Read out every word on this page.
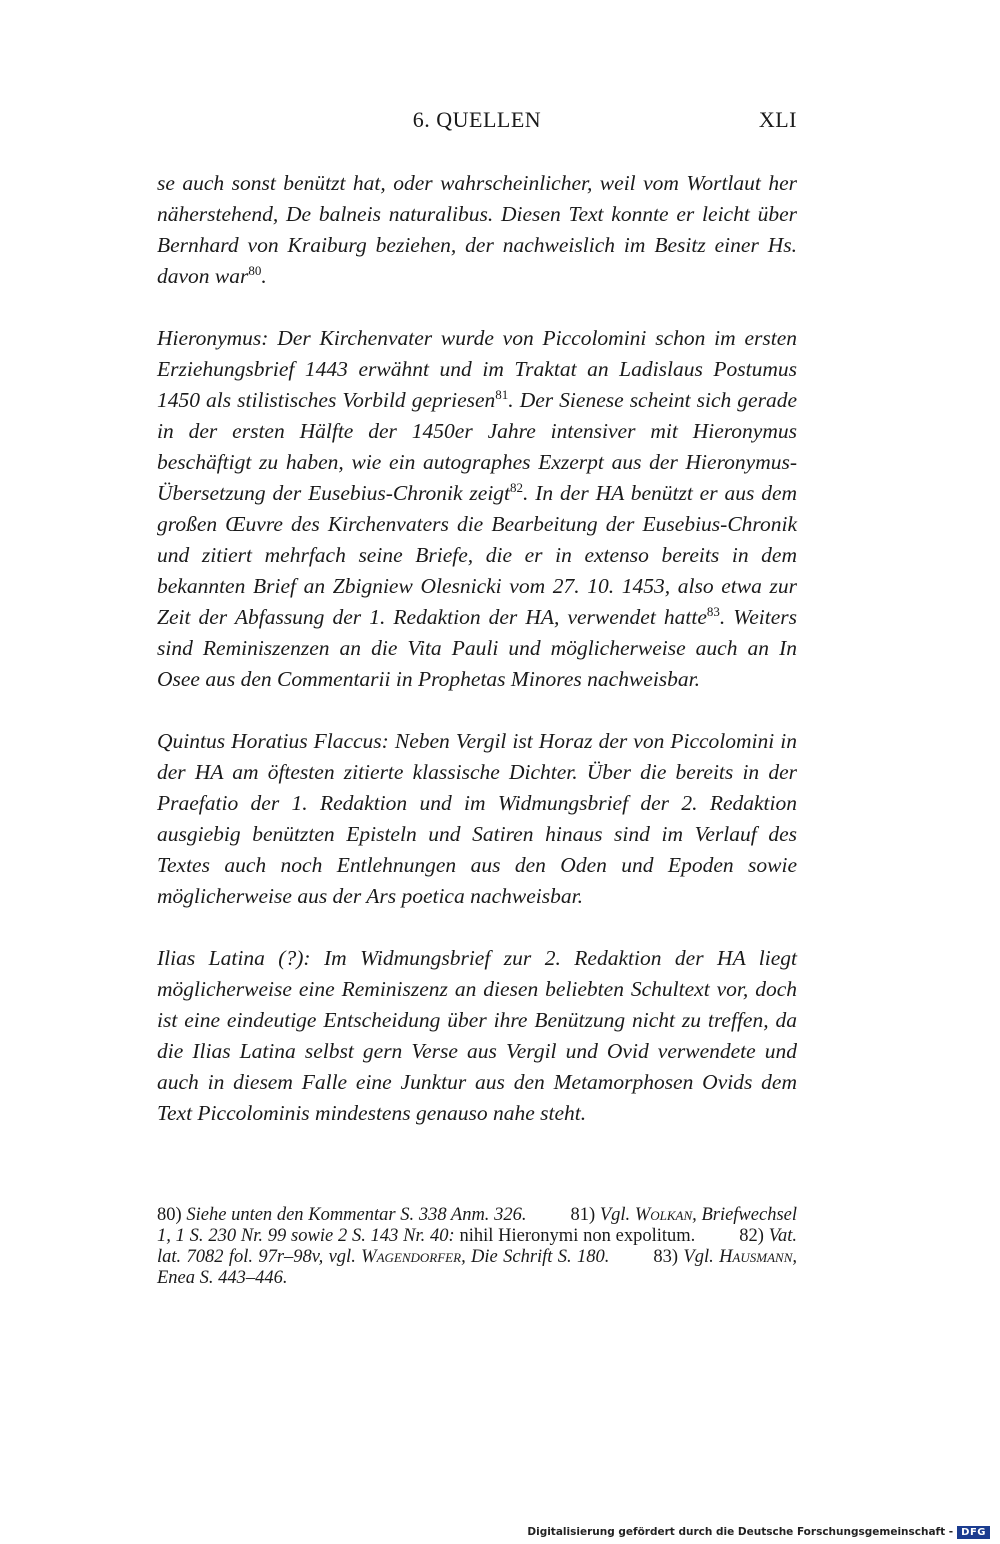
6. QUELLEN	XLI

se auch sonst benützt hat, oder wahrscheinlicher, weil vom Wortlaut her näherstehend, De balneis naturalibus. Diesen Text konnte er leicht über Bernhard von Kraiburg beziehen, der nachweislich im Besitz einer Hs. davon war$^{80}$.

Hieronymus: Der Kirchenvater wurde von Piccolomini schon im ersten Erziehungsbrief 1443 erwähnt und im Traktat an Ladislaus Postumus 1450 als stilistisches Vorbild gepriesen$^{81}$. Der Sienese scheint sich gerade in der ersten Hälfte der 1450er Jahre intensiver mit Hieronymus beschäftigt zu haben, wie ein autographes Exzerpt aus der Hieronymus-Übersetzung der Eusebius-Chronik zeigt$^{82}$. In der HA benützt er aus dem großen Œuvre des Kirchenvaters die Bearbeitung der Eusebius-Chronik und zitiert mehrfach seine Briefe, die er in extenso bereits in dem bekannten Brief an Zbigniew Olesnicki vom 27. 10. 1453, also etwa zur Zeit der Abfassung der 1. Redaktion der HA, verwendet hatte$^{83}$. Weiters sind Reminiszenzen an die Vita Pauli und möglicherweise auch an In Osee aus den Commentarii in Prophetas Minores nachweisbar.

Quintus Horatius Flaccus: Neben Vergil ist Horaz der von Piccolomini in der HA am öftesten zitierte klassische Dichter. Über die bereits in der Praefatio der 1. Redaktion und im Widmungsbrief der 2. Redaktion ausgiebig benützten Episteln und Satiren hinaus sind im Verlauf des Textes auch noch Entlehnungen aus den Oden und Epoden sowie möglicherweise aus der Ars poetica nachweisbar.

Ilias Latina (?): Im Widmungsbrief zur 2. Redaktion der HA liegt möglicherweise eine Reminiszenz an diesen beliebten Schultext vor, doch ist eine eindeutige Entscheidung über ihre Benützung nicht zu treffen, da die Ilias Latina selbst gern Verse aus Vergil und Ovid verwendete und auch in diesem Falle eine Junktur aus den Metamorphosen Ovids dem Text Piccolominis mindestens genauso nahe steht.

80) Siehe unten den Kommentar S. 338 Anm. 326. 81) Vgl. Wolkan, Briefwechsel 1, 1 S. 230 Nr. 99 sowie 2 S. 143 Nr. 40: nihil Hieronymi non expolitum. 82) Vat. lat. 7082 fol. 97r–98v, vgl. Wagendorfer, Die Schrift S. 180. 83) Vgl. Hausmann, Enea S. 443–446.
Digitalisierung gefördert durch die Deutsche Forschungsgemeinschaft - DFG
